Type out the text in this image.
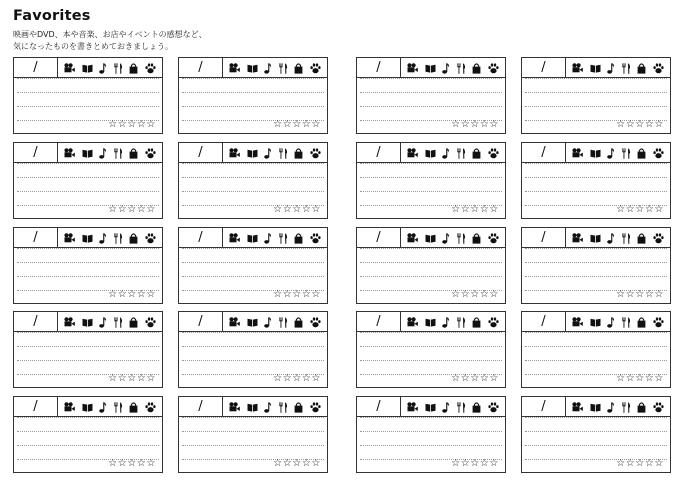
Favorites
映画やDVD、本や音楽、お店やイベントの感想など、
気になったものを書きとめておきましょう。
/
☆☆☆☆☆
/
☆☆☆☆☆
/
☆☆☆☆☆
/
☆☆☆☆☆
/
☆☆☆☆☆
/
☆☆☆☆☆
/
☆☆☆☆☆
/
☆☆☆☆☆
/
☆☆☆☆☆
/
☆☆☆☆☆
/
☆☆☆☆☆
/
☆☆☆☆☆
/
☆☆☆☆☆
/
☆☆☆☆☆
/
☆☆☆☆☆
/
☆☆☆☆☆
/
☆☆☆☆☆
/
☆☆☆☆☆
/
☆☆☆☆☆
/
☆☆☆☆☆
